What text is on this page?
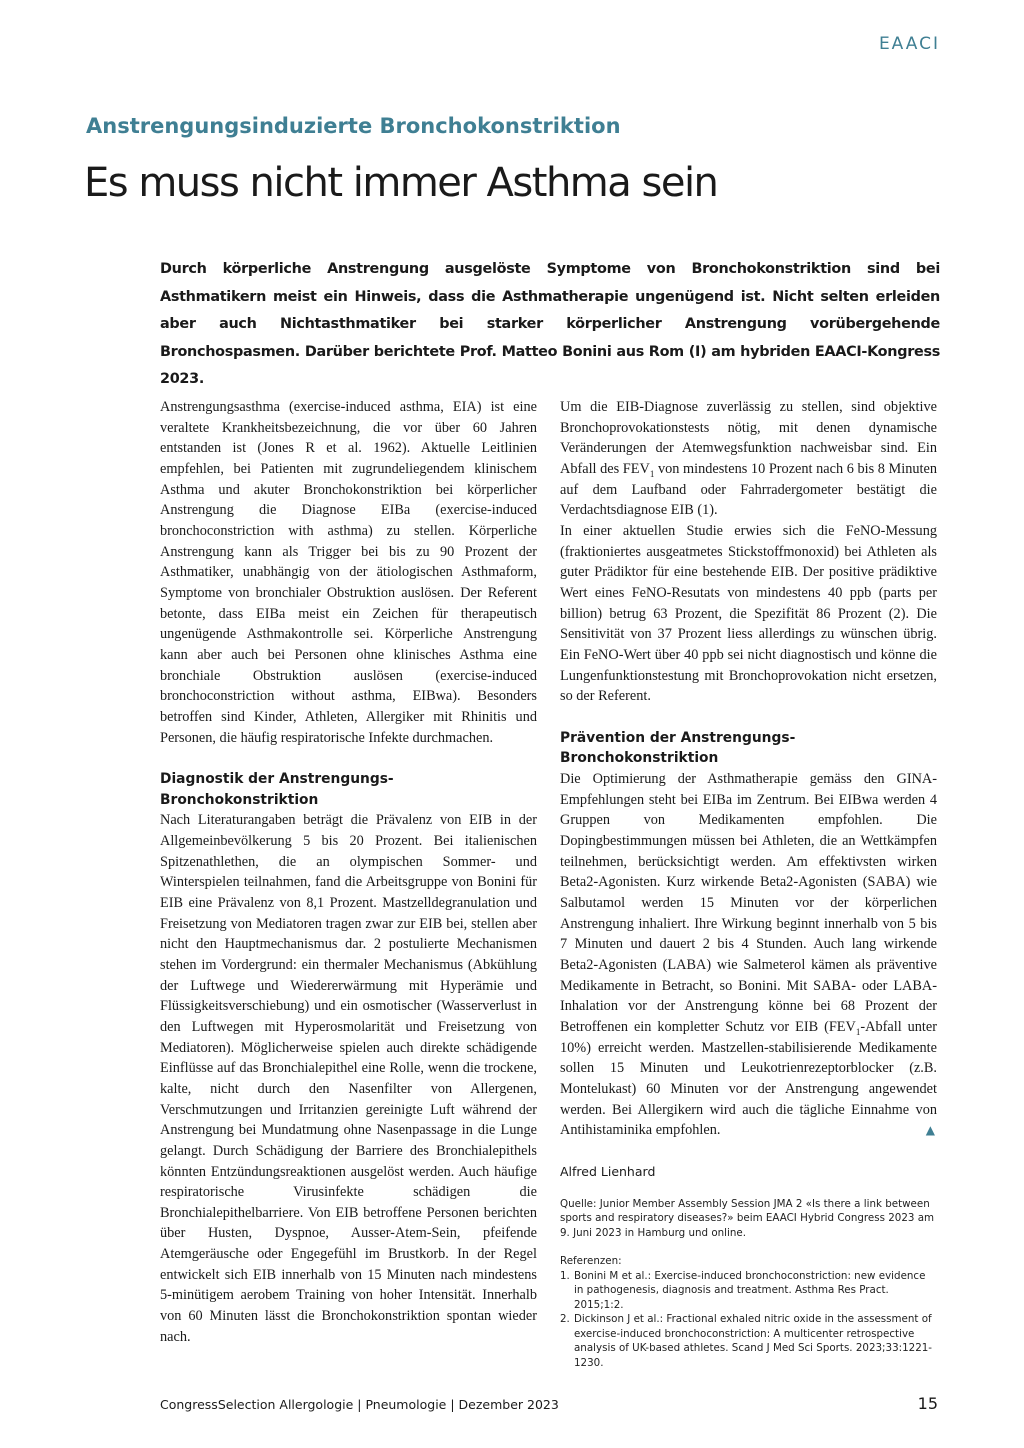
EAACI
Anstrengungsinduzierte Bronchokonstriktion
Es muss nicht immer Asthma sein
Durch körperliche Anstrengung ausgelöste Symptome von Bronchokonstriktion sind bei Asthmatikern meist ein Hinweis, dass die Asthmatherapie ungenügend ist. Nicht selten erleiden aber auch Nichtasthmatiker bei starker körperlicher Anstrengung vorübergehende Bronchospasmen. Darüber berichtete Prof. Matteo Bonini aus Rom (I) am hybriden EAACI-Kongress 2023.

Anstrengungsasthma (exercise-induced asthma, EIA) ist eine veraltete Krankheitsbezeichnung, die vor über 60 Jahren entstanden ist (Jones R et al. 1962). Aktuelle Leitlinien empfehlen, bei Patienten mit zugrundeliegendem klinischem Asthma und akuter Bronchokonstriktion bei körperlicher Anstrengung die Diagnose EIBa (exercise-induced bronchoconstriction with asthma) zu stellen. Körperliche Anstrengung kann als Trigger bei bis zu 90 Prozent der Asthmatiker, unabhängig von der ätiologischen Asthmaform, Symptome von bronchialer Obstruktion auslösen. Der Referent betonte, dass EIBa meist ein Zeichen für therapeutisch ungenügende Asthmakontrolle sei. Körperliche Anstrengung kann aber auch bei Personen ohne klinisches Asthma eine bronchiale Obstruktion auslösen (exercise-induced bronchoconstriction without asthma, EIBwa). Besonders betroffen sind Kinder, Athleten, Allergiker mit Rhinitis und Personen, die häufig respiratorische Infekte durchmachen.

Diagnostik der Anstrengungs-Bronchokonstriktion

Nach Literaturangaben beträgt die Prävalenz von EIB in der Allgemeinbevölkerung 5 bis 20 Prozent. Bei italienischen Spitzenathlethen, die an olympischen Sommer- und Winterspielen teilnahmen, fand die Arbeitsgruppe von Bonini für EIB eine Prävalenz von 8,1 Prozent. Mastzelldegranulation und Freisetzung von Mediatoren tragen zwar zur EIB bei, stellen aber nicht den Hauptmechanismus dar. 2 postulierte Mechanismen stehen im Vordergrund: ein thermaler Mechanismus (Abkühlung der Luftwege und Wiedererwärmung mit Hyperämie und Flüssigkeitsverschiebung) und ein osmotischer (Wasserverlust in den Luftwegen mit Hyperosmolarität und Freisetzung von Mediatoren). Möglicherweise spielen auch direkte schädigende Einflüsse auf das Bronchialepithel eine Rolle, wenn die trockene, kalte, nicht durch den Nasenfilter von Allergenen, Verschmutzungen und Irritanzien gereinigte Luft während der Anstrengung bei Mundatmung ohne Nasenpassage in die Lunge gelangt. Durch Schädigung der Barriere des Bronchialepithels könnten Entzündungsreaktionen ausgelöst werden. Auch häufige respiratorische Virusinfekte schädigen die Bronchialepithelbarriere. Von EIB betroffene Personen berichten über Husten, Dyspnoe, Ausser-Atem-Sein, pfeifende Atemgeräusche oder Engegefühl im Brustkorb. In der Regel entwickelt sich EIB innerhalb von 15 Minuten nach mindestens 5-minütigem aerobem Training von hoher Intensität. Innerhalb von 60 Minuten lässt die Bronchokonstriktion spontan wieder nach.

Um die EIB-Diagnose zuverlässig zu stellen, sind objektive Bronchoprovokationstests nötig, mit denen dynamische Veränderungen der Atemwegsfunktion nachweisbar sind. Ein Abfall des $FEV_1$ von mindestens 10 Prozent nach 6 bis 8 Minuten auf dem Laufband oder Fahrradergometer bestätigt die Verdachtsdiagnose EIB (1).

In einer aktuellen Studie erwies sich die FeNO-Messung (fraktioniertes ausgeatmetes Stickstoffmonoxid) bei Athleten als guter Prädiktor für eine bestehende EIB. Der positive prädiktive Wert eines FeNO-Resutats von mindestens 40 ppb (parts per billion) betrug 63 Prozent, die Spezifität 86 Prozent (2). Die Sensitivität von 37 Prozent liess allerdings zu wünschen übrig. Ein FeNO-Wert über 40 ppb sei nicht diagnostisch und könne die Lungenfunktionstestung mit Bronchoprovokation nicht ersetzen, so der Referent.

Prävention der Anstrengungs-Bronchokonstriktion

Die Optimierung der Asthmatherapie gemäss den GINA-Empfehlungen steht bei EIBa im Zentrum. Bei EIBwa werden 4 Gruppen von Medikamenten empfohlen. Die Dopingbestimmungen müssen bei Athleten, die an Wettkämpfen teilnehmen, berücksichtigt werden. Am effektivsten wirken Beta2-Agonisten. Kurz wirkende Beta2-Agonisten (SABA) wie Salbutamol werden 15 Minuten vor der körperlichen Anstrengung inhaliert. Ihre Wirkung beginnt innerhalb von 5 bis 7 Minuten und dauert 2 bis 4 Stunden. Auch lang wirkende Beta2-Agonisten (LABA) wie Salmeterol kämen als präventive Medikamente in Betracht, so Bonini. Mit SABA- oder LABA-Inhalation vor der Anstrengung könne bei 68 Prozent der Betroffenen ein kompletter Schutz vor EIB ($FEV_1$-Abfall unter 10%) erreicht werden. Mastzellen-stabilisierende Medikamente sollen 15 Minuten und Leukotrienrezeptorblocker (z.B. Montelukast) 60 Minuten vor der Anstrengung angewendet werden. Bei Allergikern wird auch die tägliche Einnahme von Antihistaminika empfohlen.	▲

Alfred Lienhard

Quelle: Junior Member Assembly Session JMA 2 «Is there a link between sports and respiratory diseases?» beim EAACI Hybrid Congress 2023 am 9. Juni 2023 in Hamburg und online.

Referenzen:

1. Bonini M et al.: Exercise-induced bronchoconstriction: new evidence in pathogenesis, diagnosis and treatment. Asthma Res Pract. 2015;1:2.
2. Dickinson J et al.: Fractional exhaled nitric oxide in the assessment of exercise-induced bronchoconstriction: A multicenter retrospective analysis of UK-based athletes. Scand J Med Sci Sports. 2023;33:1221-1230.
CongressSelection Allergologie | Pneumologie | Dezember 2023	15
